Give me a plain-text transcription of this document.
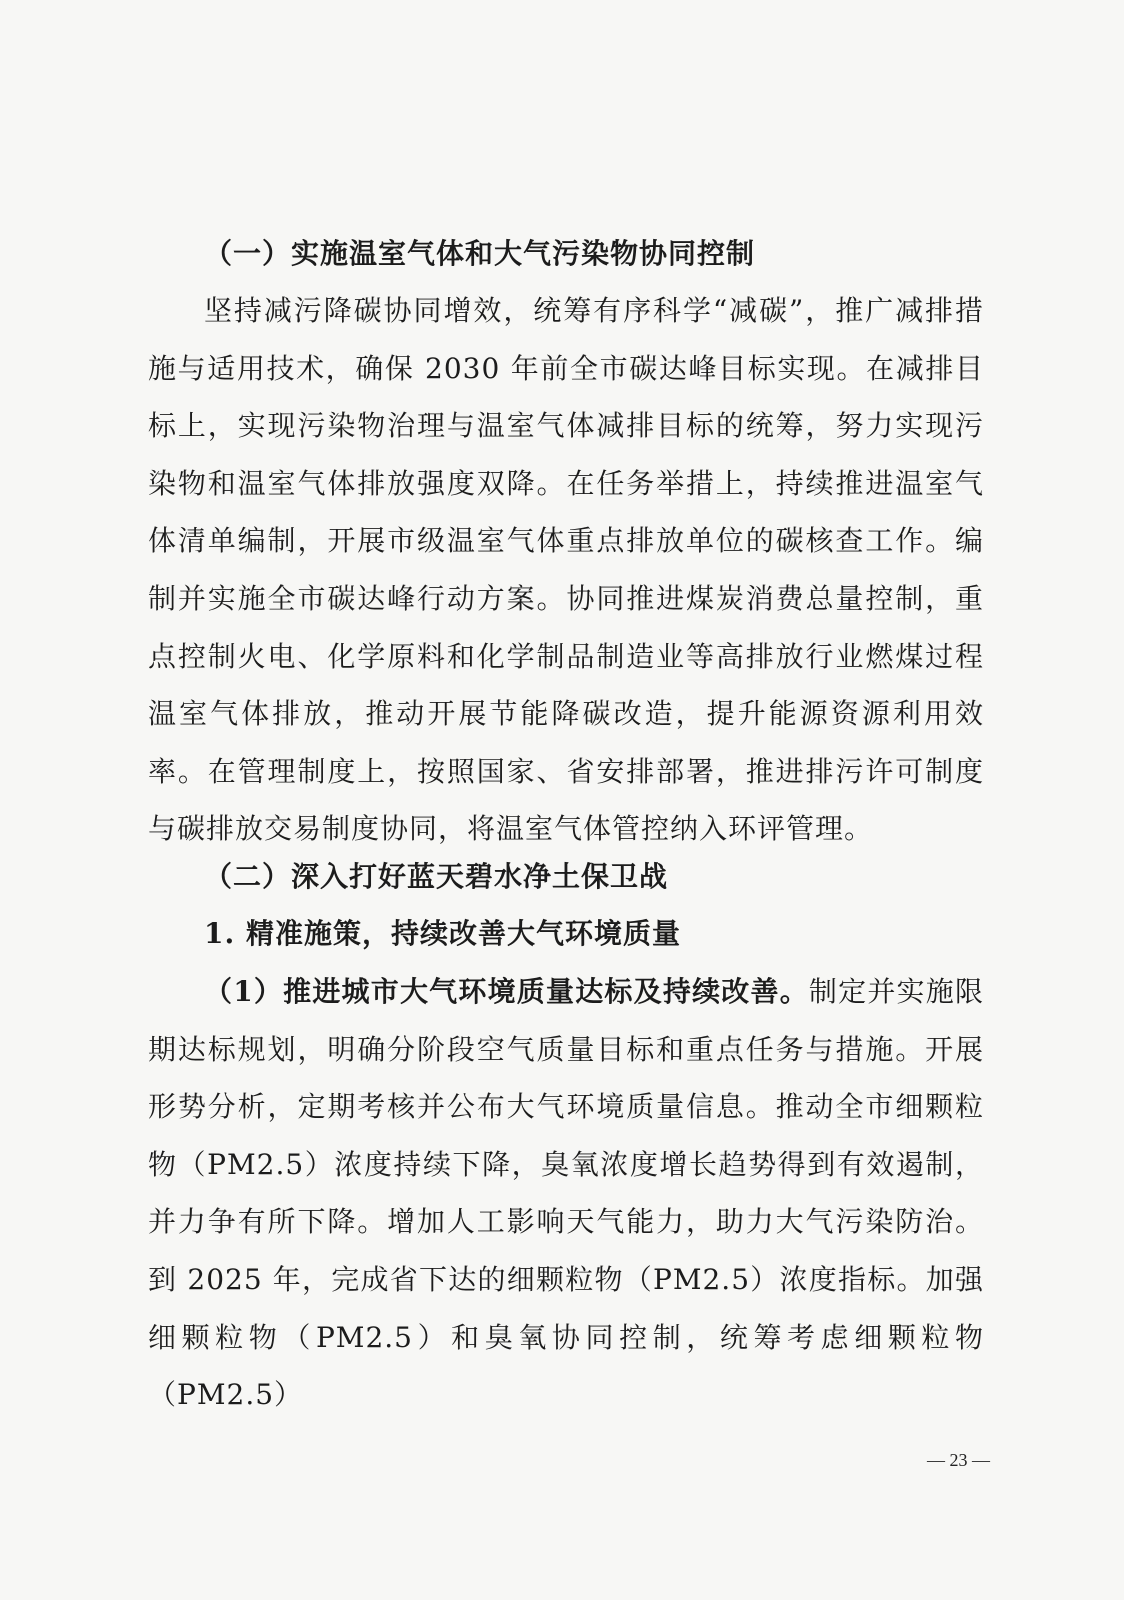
（一）实施温室气体和大气污染物协同控制
坚持减污降碳协同增效，统筹有序科学“减碳”，推广减排措施与适用技术，确保 2030 年前全市碳达峰目标实现。在减排目标上，实现污染物治理与温室气体减排目标的统筹，努力实现污染物和温室气体排放强度双降。在任务举措上，持续推进温室气体清单编制，开展市级温室气体重点排放单位的碳核查工作。编制并实施全市碳达峰行动方案。协同推进煤炭消费总量控制，重点控制火电、化学原料和化学制品制造业等高排放行业燃煤过程温室气体排放，推动开展节能降碳改造，提升能源资源利用效率。在管理制度上，按照国家、省安排部署，推进排污许可制度与碳排放交易制度协同，将温室气体管控纳入环评管理。
（二）深入打好蓝天碧水净土保卫战
1. 精准施策，持续改善大气环境质量
（1）推进城市大气环境质量达标及持续改善。制定并实施限期达标规划，明确分阶段空气质量目标和重点任务与措施。开展形势分析，定期考核并公布大气环境质量信息。推动全市细颗粒物（PM2.5）浓度持续下降，臭氧浓度增长趋势得到有效遏制，并力争有所下降。增加人工影响天气能力，助力大气污染防治。到 2025 年，完成省下达的细颗粒物（PM2.5）浓度指标。加强细颗粒物（PM2.5）和臭氧协同控制，统筹考虑细颗粒物（PM2.5）
— 23 —
